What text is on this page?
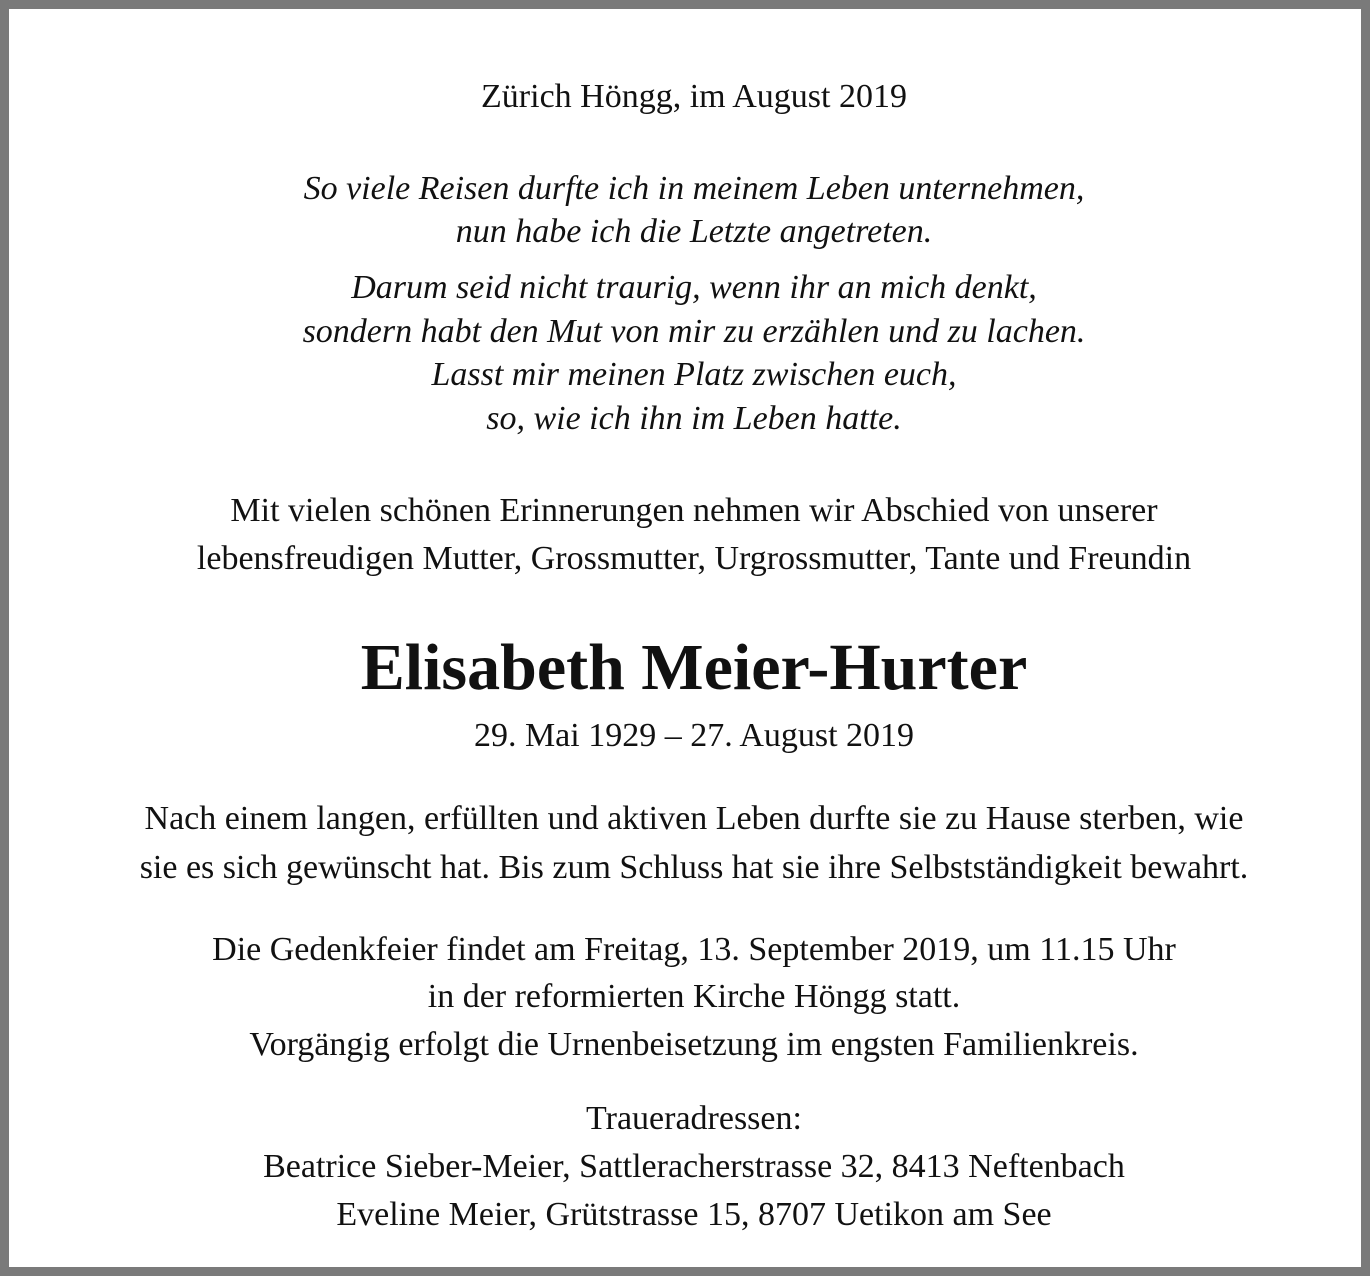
Zürich Höngg, im August 2019
So viele Reisen durfte ich in meinem Leben unternehmen,
nun habe ich die Letzte angetreten.
Darum seid nicht traurig, wenn ihr an mich denkt,
sondern habt den Mut von mir zu erzählen und zu lachen.
Lasst mir meinen Platz zwischen euch,
so, wie ich ihn im Leben hatte.
Mit vielen schönen Erinnerungen nehmen wir Abschied von unserer
lebensfreudigen Mutter, Grossmutter, Urgrossmutter, Tante und Freundin
Elisabeth Meier-Hurter
29. Mai 1929 – 27. August 2019
Nach einem langen, erfüllten und aktiven Leben durfte sie zu Hause sterben, wie
sie es sich gewünscht hat. Bis zum Schluss hat sie ihre Selbstständigkeit bewahrt.
Die Gedenkfeier findet am Freitag, 13. September 2019, um 11.15 Uhr
in der reformierten Kirche Höngg statt.
Vorgängig erfolgt die Urnenbeisetzung im engsten Familienkreis.
Traueradressen:
Beatrice Sieber-Meier, Sattleracherstrasse 32, 8413 Neftenbach
Eveline Meier, Grütstrasse 15, 8707 Uetikon am See
